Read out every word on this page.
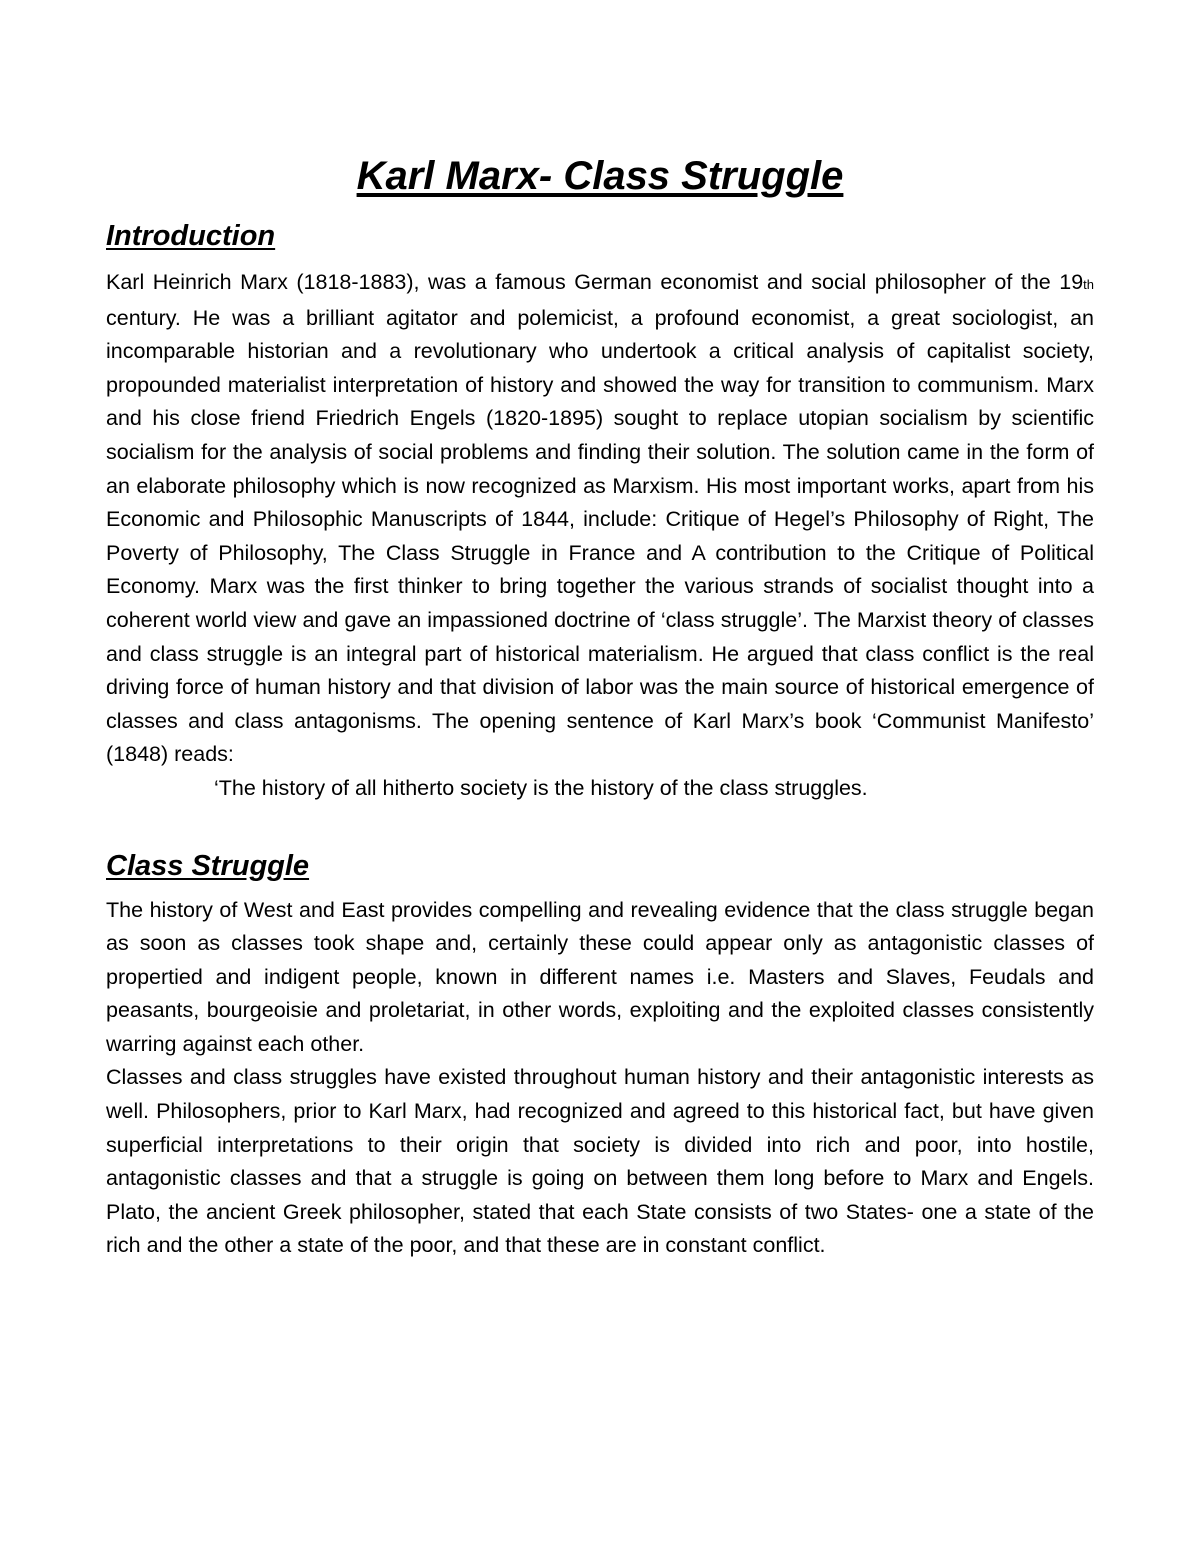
Karl Marx- Class Struggle
Introduction

Karl Heinrich Marx (1818-1883), was a famous German economist and social philosopher of the 19th century. He was a brilliant agitator and polemicist, a profound economist, a great sociologist, an incomparable historian and a revolutionary who undertook a critical analysis of capitalist society, propounded materialist interpretation of history and showed the way for transition to communism. Marx and his close friend Friedrich Engels (1820-1895) sought to replace utopian socialism by scientific socialism for the analysis of social problems and finding their solution. The solution came in the form of an elaborate philosophy which is now recognized as Marxism. His most important works, apart from his Economic and Philosophic Manuscripts of 1844, include: Critique of Hegel’s Philosophy of Right, The Poverty of Philosophy, The Class Struggle in France and A contribution to the Critique of Political Economy. Marx was the first thinker to bring together the various strands of socialist thought into a coherent world view and gave an impassioned doctrine of ‘class struggle’. The Marxist theory of classes and class struggle is an integral part of historical materialism. He argued that class conflict is the real driving force of human history and that division of labor was the main source of historical emergence of classes and class antagonisms. The opening sentence of Karl Marx’s book ‘Communist Manifesto’ (1848) reads:

‘The history of all hitherto society is the history of the class struggles.

Class Struggle

The history of West and East provides compelling and revealing evidence that the class struggle began as soon as classes took shape and, certainly these could appear only as antagonistic classes of propertied and indigent people, known in different names i.e. Masters and Slaves, Feudals and peasants, bourgeoisie and proletariat, in other words, exploiting and the exploited classes consistently warring against each other.

Classes and class struggles have existed throughout human history and their antagonistic interests as well. Philosophers, prior to Karl Marx, had recognized and agreed to this historical fact, but have given superficial interpretations to their origin that society is divided into rich and poor, into hostile, antagonistic classes and that a struggle is going on between them long before to Marx and Engels. Plato, the ancient Greek philosopher, stated that each State consists of two States- one a state of the rich and the other a state of the poor, and that these are in constant conflict.
